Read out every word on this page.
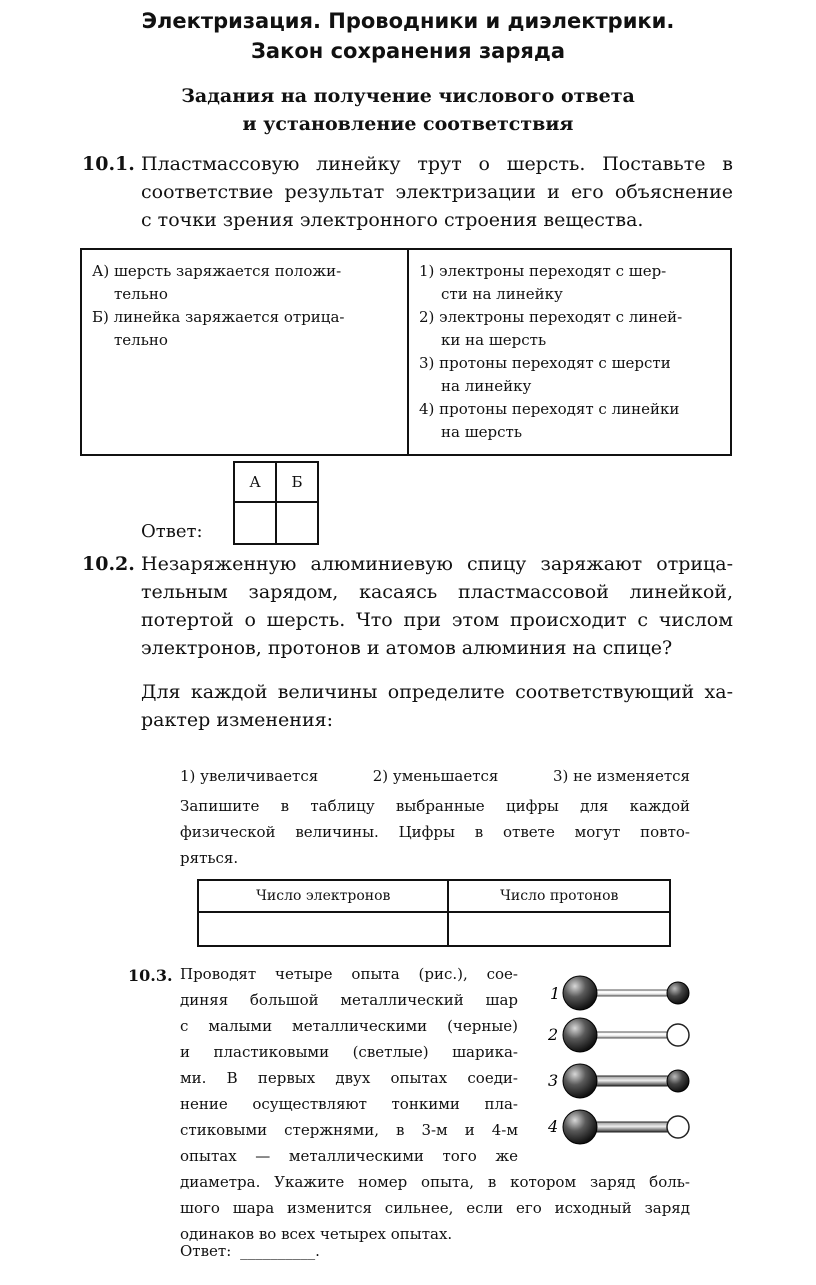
Электризация. Проводники и диэлектрики.
Закон сохранения заряда
Задания на получение числового ответа
и установление соответствия
10.1. Пластмассовую линейку трут о шерсть. Поставьте в
соответствие результат электризации и его объяснение
с точки зрения электронного строения вещества.
А) шерсть заряжается положи-
тельно
Б) линейка заряжается отрица-
тельно

1) электроны переходят с шер-
сти на линейку
2) электроны переходят с линей-
ки на шерсть
3) протоны переходят с шерсти
на линейку
4) протоны переходят с линейки
на шерсть
Ответ:
А	Б

10.2. Незаряженную алюминиевую спицу заряжают отрица-
тельным зарядом, касаясь пластмассовой линейкой,
потертой о шерсть. Что при этом происходит с числом
электронов, протонов и атомов алюминия на спице?
Для каждой величины определите соответствующий ха-
рактер изменения:
1) увеличивается	2) уменьшается	3) не изменяется
Запишите в таблицу выбранные цифры для каждой
физической величины. Цифры в ответе могут повто-
ряться.
Число электронов	Число протонов

10.3. Проводят четыре опыта (рис.), сое-
диняя большой металлический шар
с малыми металлическими (черные)
и пластиковыми (светлые) шарика-
ми. В первых двух опытах соеди-
нение осуществляют тонкими пла-
стиковыми стержнями, в 3-м и 4-м
опытах — металлическими того же
диаметра. Укажите номер опыта, в котором заряд боль-
шого шара изменится сильнее, если его исходный заряд
одинаков во всех четырех опытах.
Ответ: __________.
1
2
3
4
